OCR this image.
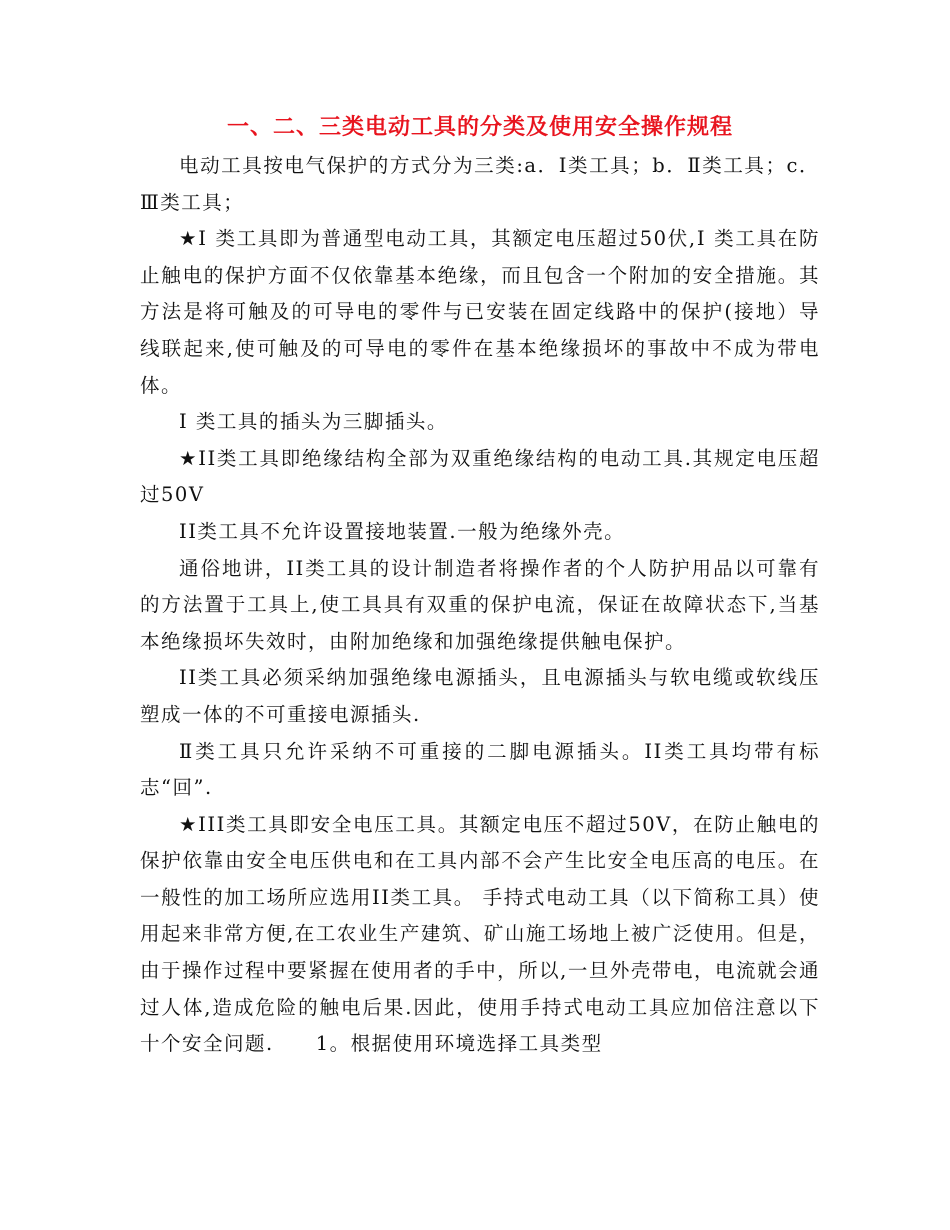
一、二、三类电动工具的分类及使用安全操作规程

电动工具按电气保护的方式分为三类:a．Ⅰ类工具；b．Ⅱ类工具；c．Ⅲ类工具；

★Ⅰ 类工具即为普通型电动工具，其额定电压超过50伏,Ⅰ 类工具在防止触电的保护方面不仅依靠基本绝缘，而且包含一个附加的安全措施。其方法是将可触及的可导电的零件与已安装在固定线路中的保护(接地）导线联起来,使可触及的可导电的零件在基本绝缘损坏的事故中不成为带电体。

Ⅰ 类工具的插头为三脚插头。

★II类工具即绝缘结构全部为双重绝缘结构的电动工具.其规定电压超过50V

II类工具不允许设置接地装置.一般为绝缘外壳。

通俗地讲，II类工具的设计制造者将操作者的个人防护用品以可靠有的方法置于工具上,使工具具有双重的保护电流，保证在故障状态下,当基本绝缘损坏失效时，由附加绝缘和加强绝缘提供触电保护。

II类工具必须采纳加强绝缘电源插头，且电源插头与软电缆或软线压塑成一体的不可重接电源插头.

Ⅱ类工具只允许采纳不可重接的二脚电源插头。II类工具均带有标志“回”.

★III类工具即安全电压工具。其额定电压不超过50V，在防止触电的保护依靠由安全电压供电和在工具内部不会产生比安全电压高的电压。在一般性的加工场所应选用II类工具。 手持式电动工具（以下简称工具）使用起来非常方便,在工农业生产建筑、矿山施工场地上被广泛使用。但是，由于操作过程中要紧握在使用者的手中，所以,一旦外壳带电，电流就会通过人体,造成危险的触电后果.因此，使用手持式电动工具应加倍注意以下十个安全问题.　　1。根据使用环境选择工具类型
